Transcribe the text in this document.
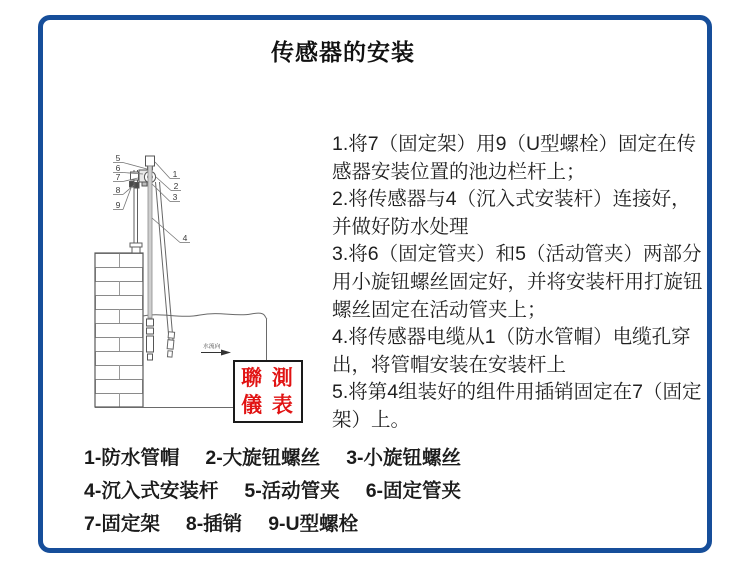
传感器的安装
水流向
5
6
7
8
9
1
2
3
4
聯 測
儀 表
1.将7（固定架）用9（U型螺栓）固定在传
感器安装位置的池边栏杆上；
2.将传感器与4（沉入式安装杆）连接好，
并做好防水处理
3.将6（固定管夹）和5（活动管夹）两部分
用小旋钮螺丝固定好，并将安装杆用打旋钮
螺丝固定在活动管夹上；
4.将传感器电缆从1（防水管帽）电缆孔穿
出，将管帽安装在安装杆上
5.将第4组装好的组件用插销固定在7（固定
架）上。
1-防水管帽 2-大旋钮螺丝 3-小旋钮螺丝
4-沉入式安装杆 5-活动管夹 6-固定管夹
7-固定架 8-插销 9-U型螺栓
